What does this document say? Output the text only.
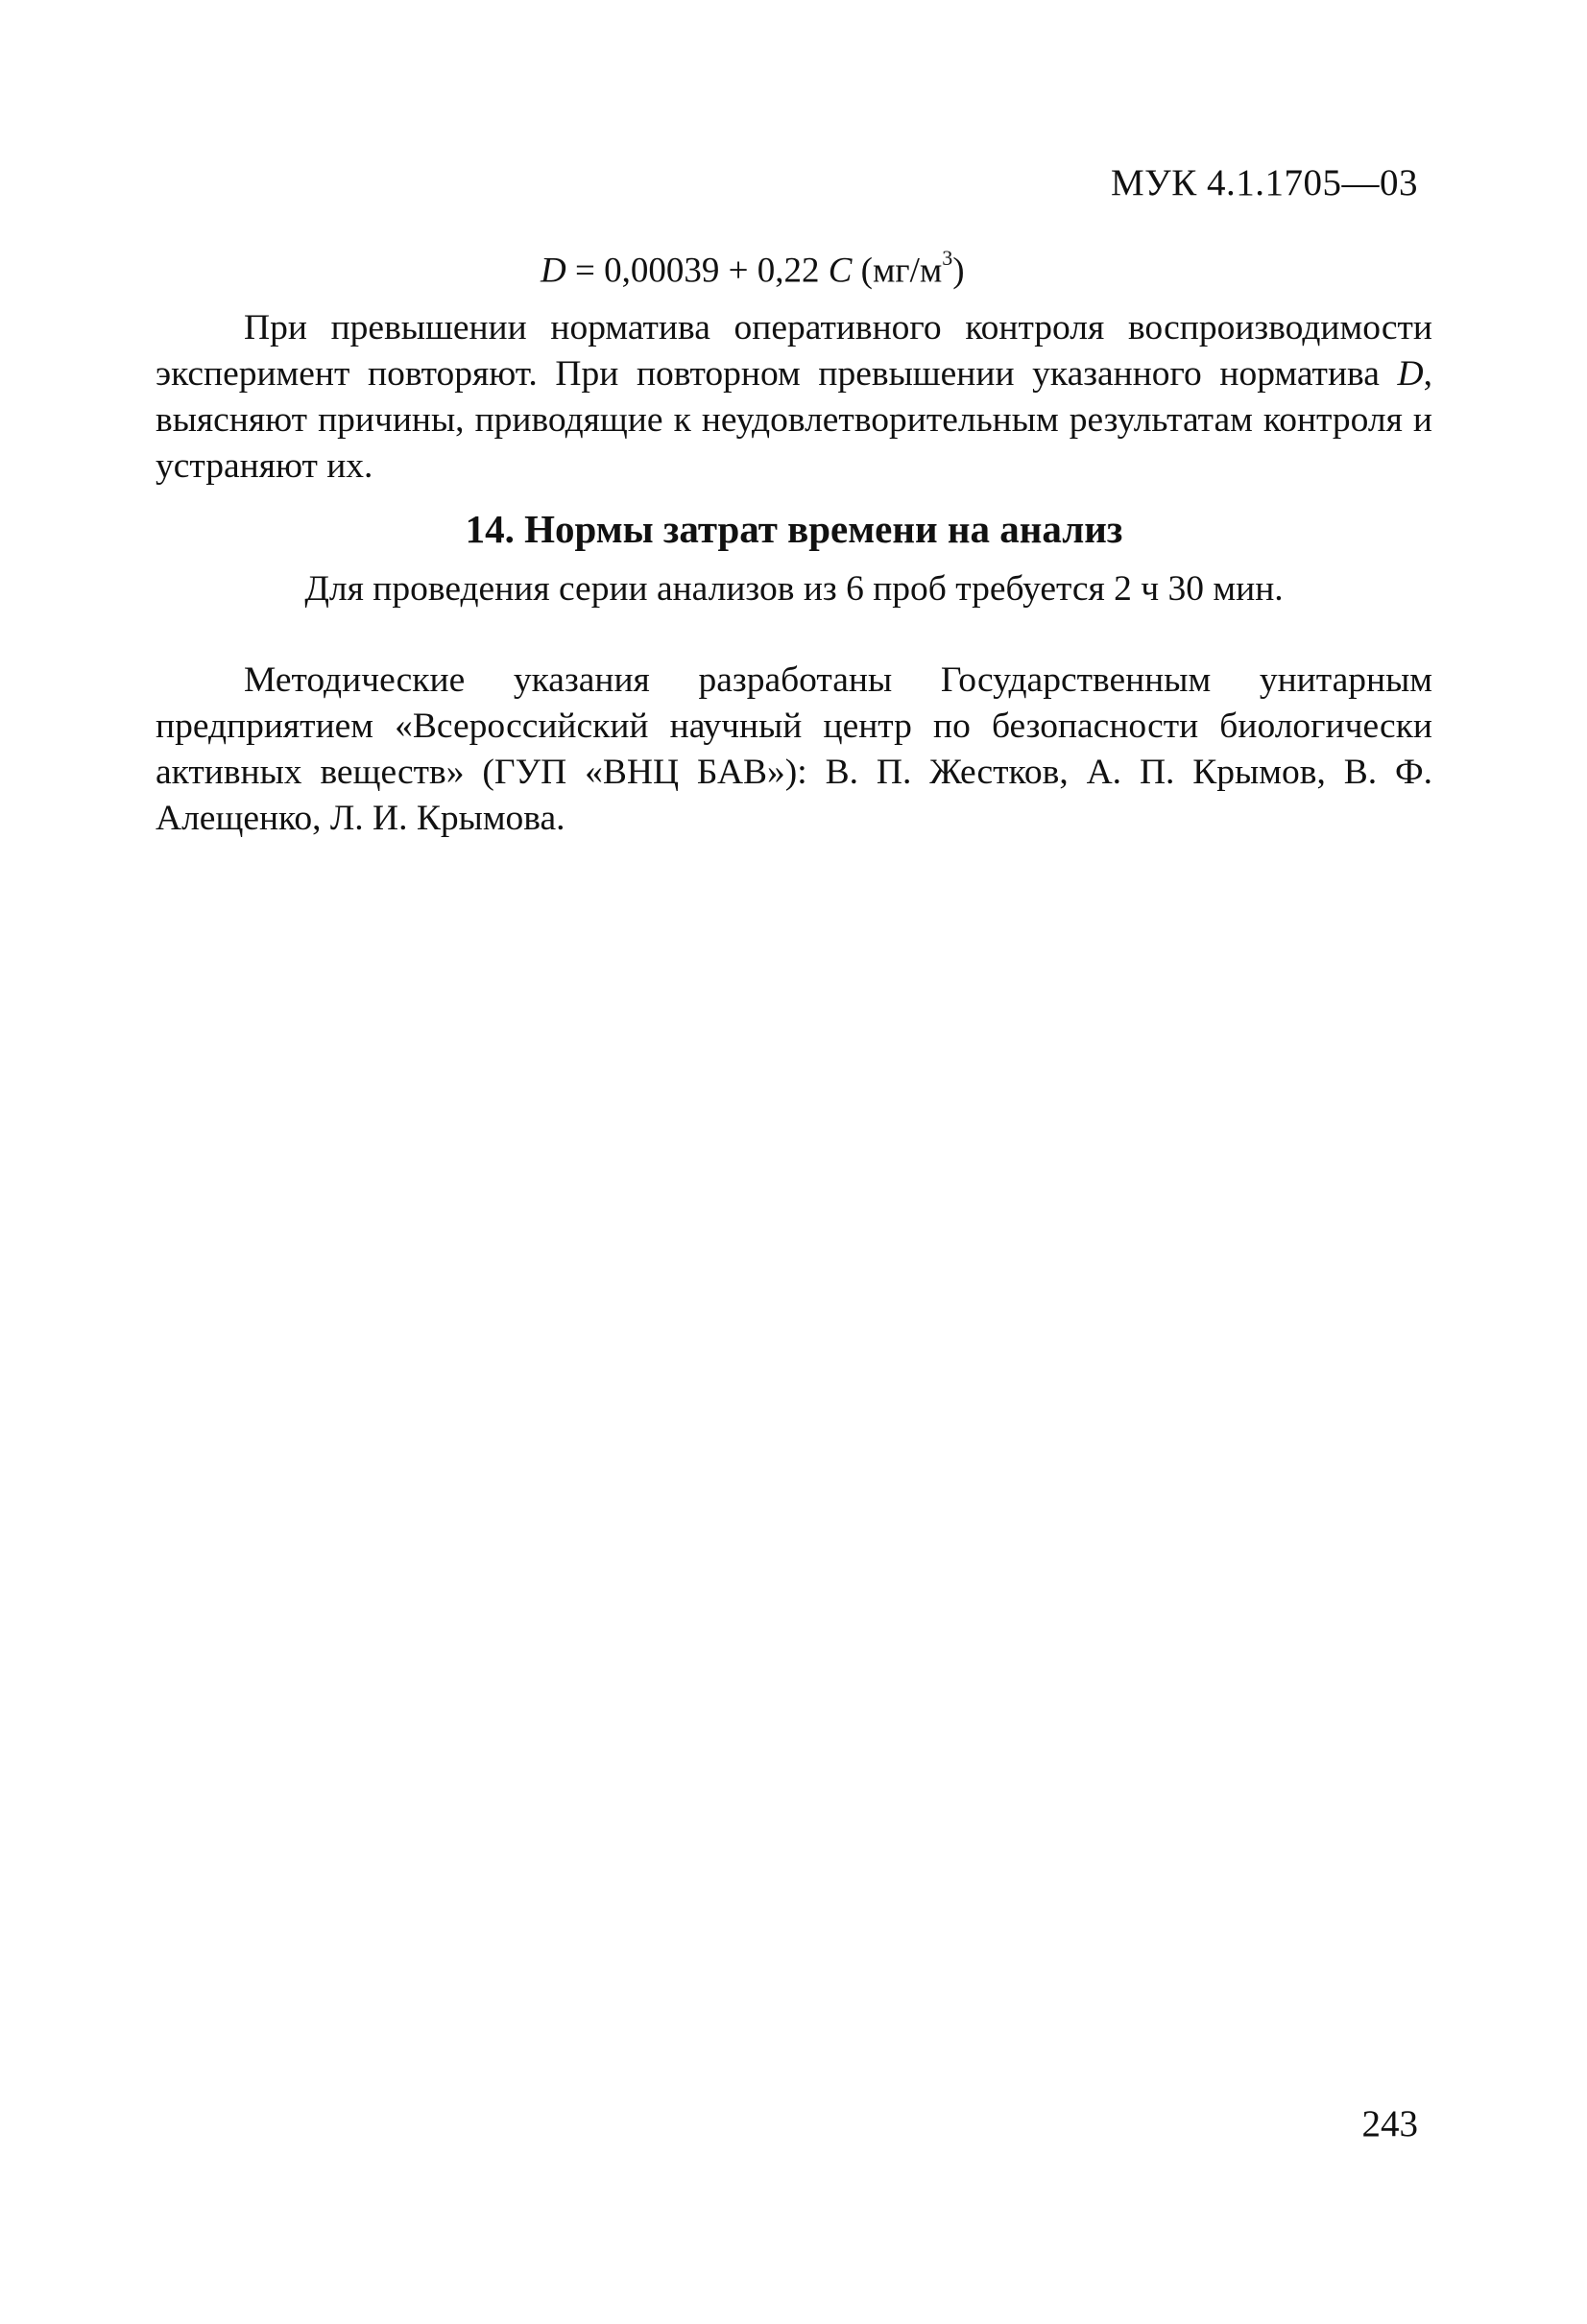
МУК 4.1.1705—03
D = 0,00039 + 0,22 C $(мг/м^3)$

При превышении норматива оперативного контроля воспроизводимости эксперимент повторяют. При повторном превышении указанного норматива D, выясняют причины, приводящие к неудовлетворительным результатам контроля и устраняют их.

14. Нормы затрат времени на анализ

Для проведения серии анализов из 6 проб требуется 2 ч 30 мин.

Методические указания разработаны Государственным унитарным предприятием «Всероссийский научный центр по безопасности биологически активных веществ» (ГУП «ВНЦ БАВ»): В. П. Жестков, А. П. Крымов, В. Ф. Алещенко, Л. И. Крымова.

243
